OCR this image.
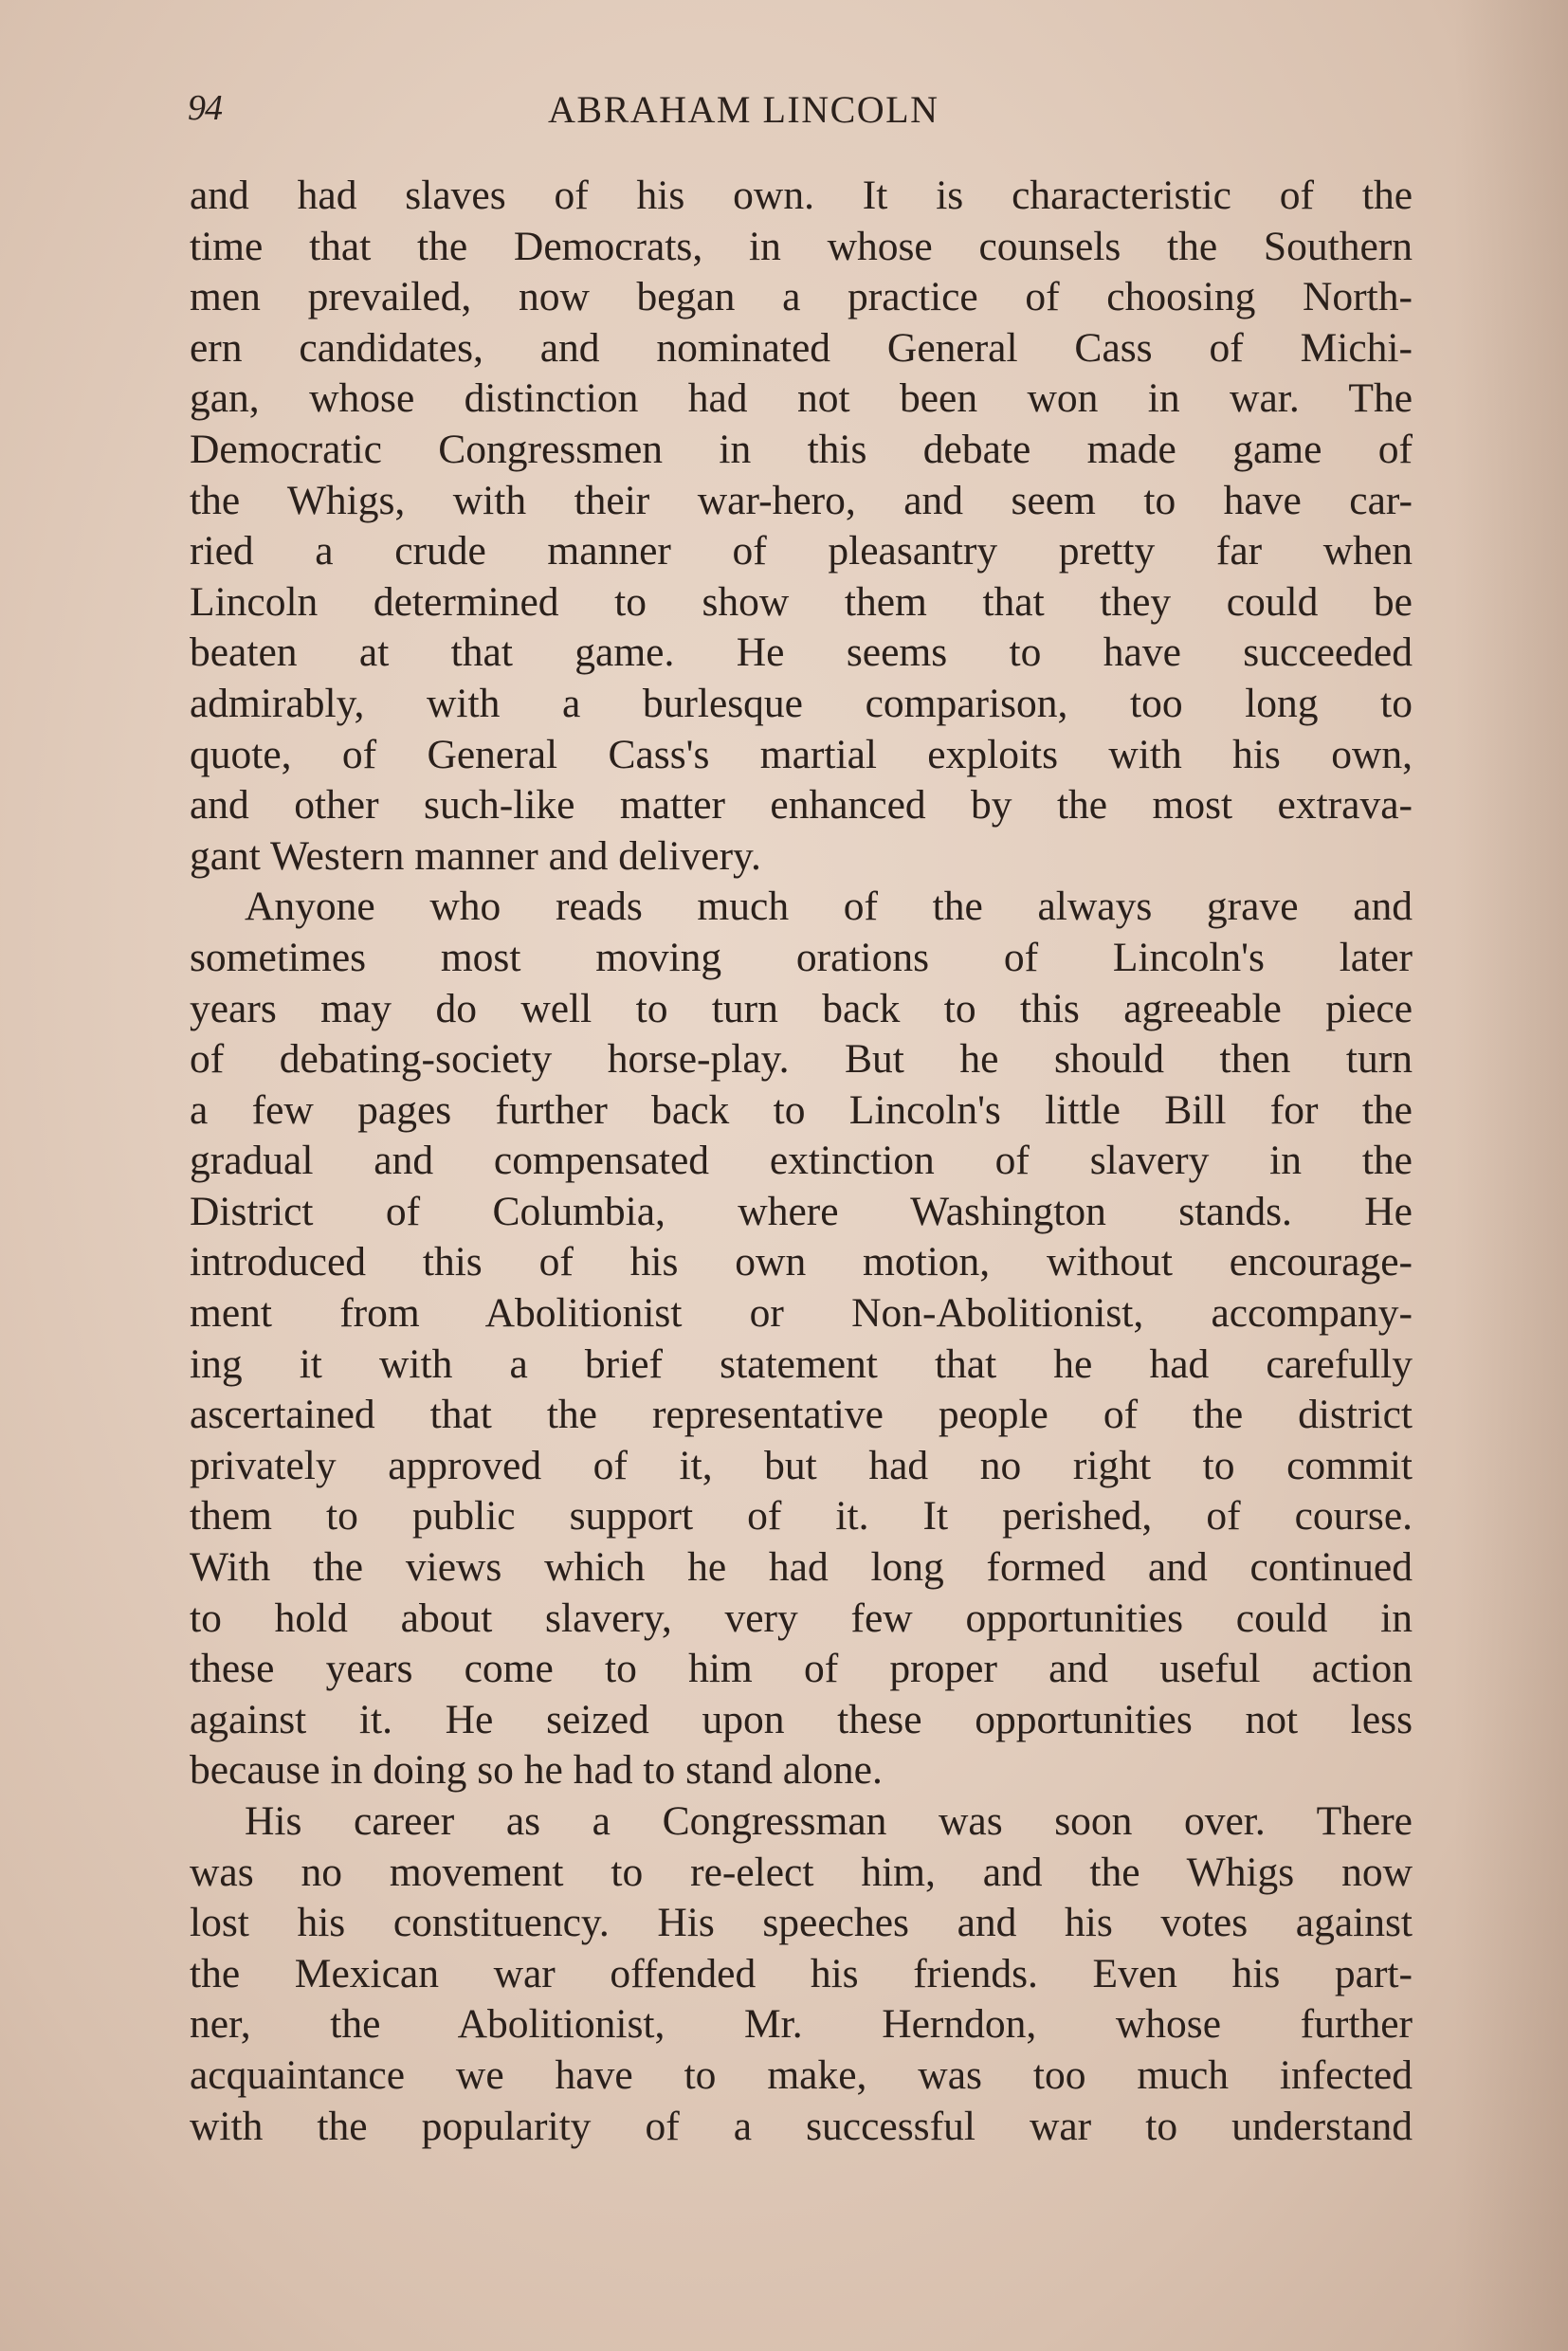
94	ABRAHAM LINCOLN

and had slaves of his own. It is characteristic of the
time that the Democrats, in whose counsels the Southern
men prevailed, now began a practice of choosing North-
ern candidates, and nominated General Cass of Michi-
gan, whose distinction had not been won in war. The
Democratic Congressmen in this debate made game of
the Whigs, with their war-hero, and seem to have car-
ried a crude manner of pleasantry pretty far when
Lincoln determined to show them that they could be
beaten at that game. He seems to have succeeded
admirably, with a burlesque comparison, too long to
quote, of General Cass's martial exploits with his own,
and other such-like matter enhanced by the most extrava-
gant Western manner and delivery.

Anyone who reads much of the always grave and
sometimes most moving orations of Lincoln's later
years may do well to turn back to this agreeable piece
of debating-society horse-play. But he should then turn
a few pages further back to Lincoln's little Bill for the
gradual and compensated extinction of slavery in the
District of Columbia, where Washington stands. He
introduced this of his own motion, without encourage-
ment from Abolitionist or Non-Abolitionist, accompany-
ing it with a brief statement that he had carefully
ascertained that the representative people of the district
privately approved of it, but had no right to commit
them to public support of it. It perished, of course.
With the views which he had long formed and continued
to hold about slavery, very few opportunities could in
these years come to him of proper and useful action
against it. He seized upon these opportunities not less
because in doing so he had to stand alone.

His career as a Congressman was soon over. There
was no movement to re-elect him, and the Whigs now
lost his constituency. His speeches and his votes against
the Mexican war offended his friends. Even his part-
ner, the Abolitionist, Mr. Herndon, whose further
acquaintance we have to make, was too much infected
with the popularity of a successful war to understand
